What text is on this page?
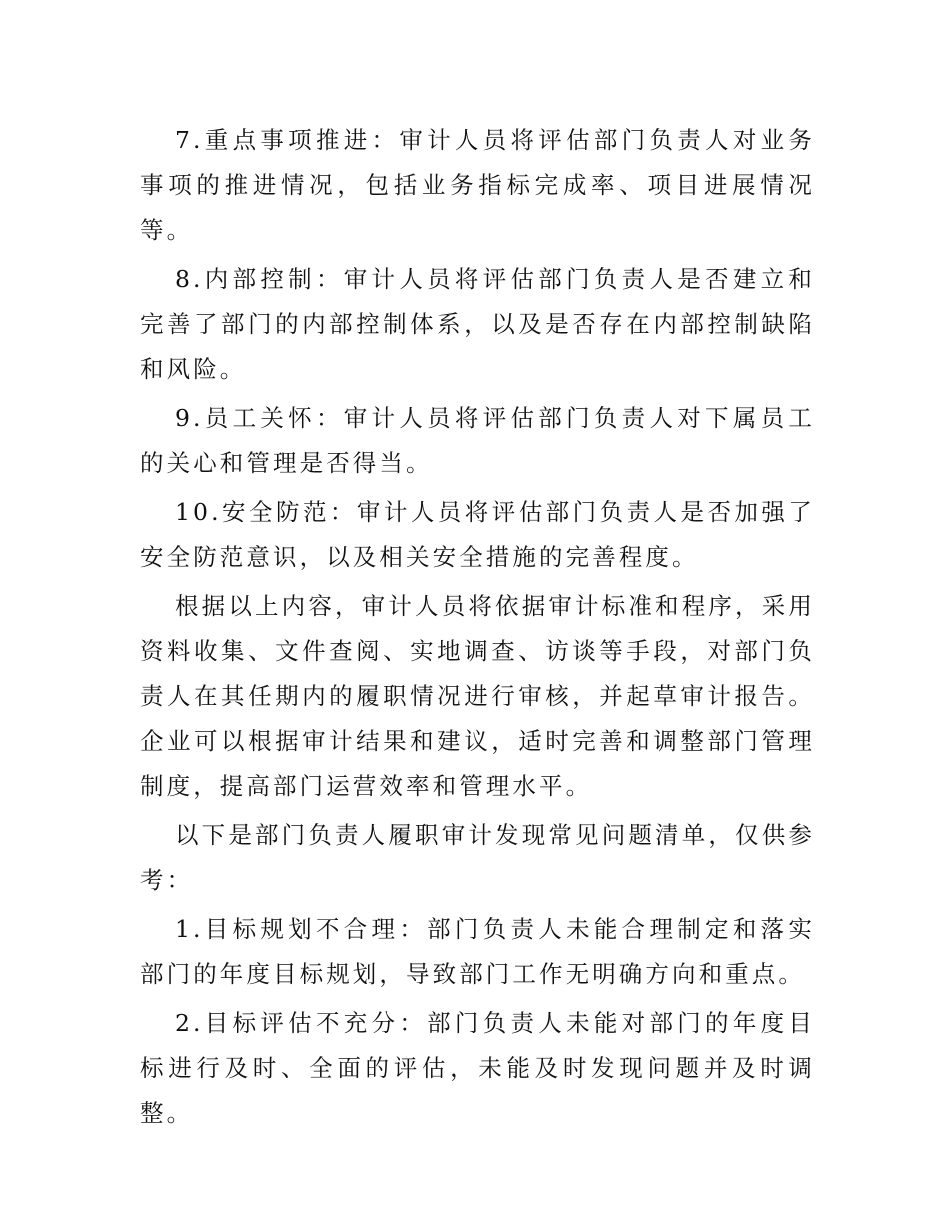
7.重点事项推进：审计人员将评估部门负责人对业务事项的推进情况，包括业务指标完成率、项目进展情况等。

8.内部控制：审计人员将评估部门负责人是否建立和完善了部门的内部控制体系，以及是否存在内部控制缺陷和风险。

9.员工关怀：审计人员将评估部门负责人对下属员工的关心和管理是否得当。

10.安全防范：审计人员将评估部门负责人是否加强了安全防范意识，以及相关安全措施的完善程度。

根据以上内容，审计人员将依据审计标准和程序，采用资料收集、文件查阅、实地调查、访谈等手段，对部门负责人在其任期内的履职情况进行审核，并起草审计报告。企业可以根据审计结果和建议，适时完善和调整部门管理制度，提高部门运营效率和管理水平。

以下是部门负责人履职审计发现常见问题清单，仅供参考：

1.目标规划不合理：部门负责人未能合理制定和落实部门的年度目标规划，导致部门工作无明确方向和重点。

2.目标评估不充分：部门负责人未能对部门的年度目标进行及时、全面的评估，未能及时发现问题并及时调整。
